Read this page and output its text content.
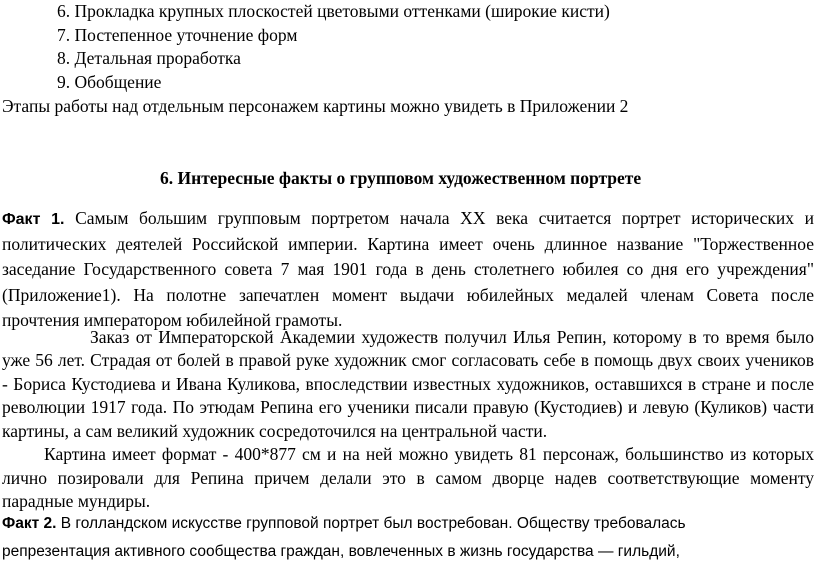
6. Прокладка крупных плоскостей цветовыми оттенками (широкие кисти)
7. Постепенное уточнение форм
8. Детальная проработка
9. Обобщение
Этапы работы над отдельным персонажем картины можно увидеть в Приложении 2
6. Интересные факты о групповом художественном портрете
Факт 1. Самым большим групповым портретом начала XX века считается портрет исторических и
политических деятелей Российской империи. Картина имеет очень длинное название "Торжественное
заседание Государственного совета 7 мая 1901 года в день столетнего юбилея со дня его учреждения"
(Приложение1). На полотне запечатлен момент выдачи юбилейных медалей членам Совета после
прочтения императором юбилейной грамоты.
Заказ от Императорской Академии художеств получил Илья Репин, которому в то время было
уже 56 лет. Страдая от болей в правой руке художник смог согласовать себе в помощь двух своих учеников
- Бориса Кустодиева и Ивана Куликова, впоследствии известных художников, оставшихся в стране и после
революции 1917 года. По этюдам Репина его ученики писали правую (Кустодиев) и левую (Куликов) части
картины, а сам великий художник сосредоточился на центральной части.
Картина имеет формат - 400*877 см и на ней можно увидеть 81 персонаж, большинство из которых
лично позировали для Репина причем делали это в самом дворце надев соответствующие моменту
парадные мундиры.
Факт 2. В голландском искусстве групповой портрет был востребован. Обществу требовалась
репрезентация активного сообщества граждан, вовлеченных в жизнь государства — гильдий,
